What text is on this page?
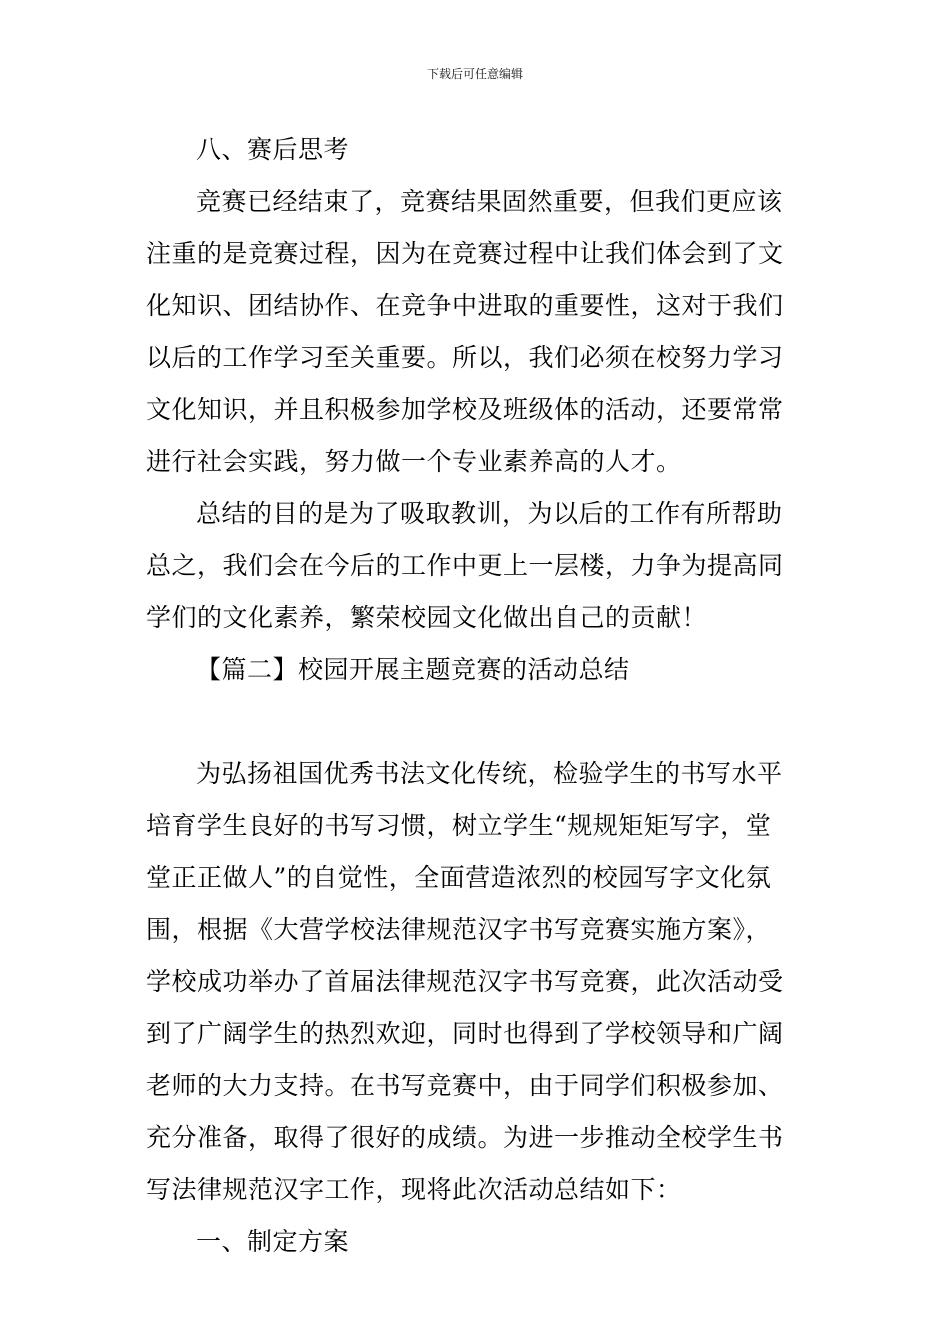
下载后可任意编辑
八、赛后思考
竞赛已经结束了，竞赛结果固然重要，但我们更应该
注重的是竞赛过程，因为在竞赛过程中让我们体会到了文
化知识、团结协作、在竞争中进取的重要性，这对于我们
以后的工作学习至关重要。所以，我们必须在校努力学习
文化知识，并且积极参加学校及班级体的活动，还要常常
进行社会实践，努力做一个专业素养高的人才。
总结的目的是为了吸取教训，为以后的工作有所帮助
总之，我们会在今后的工作中更上一层楼，力争为提高同
学们的文化素养，繁荣校园文化做出自己的贡献！
【篇二】校园开展主题竞赛的活动总结
为弘扬祖国优秀书法文化传统，检验学生的书写水平
培育学生良好的书写习惯，树立学生“规规矩矩写字，堂
堂正正做人”的自觉性，全面营造浓烈的校园写字文化氛
围，根据《大营学校法律规范汉字书写竞赛实施方案》，
学校成功举办了首届法律规范汉字书写竞赛，此次活动受
到了广阔学生的热烈欢迎，同时也得到了学校领导和广阔
老师的大力支持。在书写竞赛中，由于同学们积极参加、
充分准备，取得了很好的成绩。为进一步推动全校学生书
写法律规范汉字工作，现将此次活动总结如下：
一、制定方案
